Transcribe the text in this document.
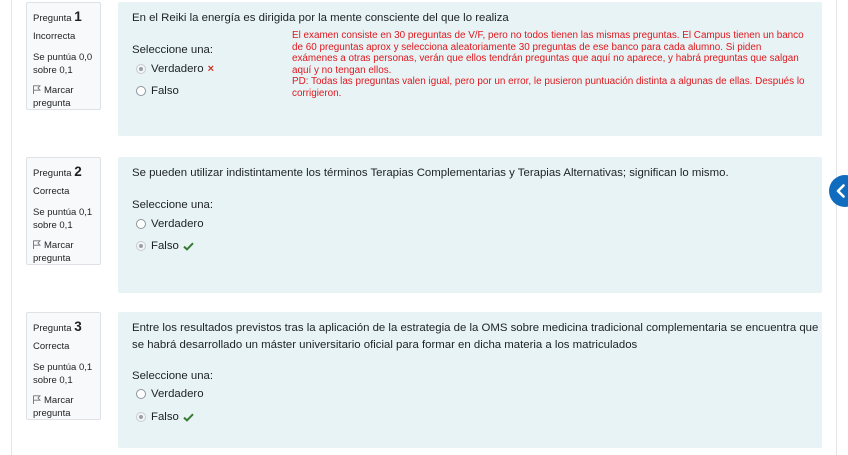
Pregunta 1
Incorrecta
Se puntúa 0,0
sobre 0,1
Marcar
pregunta
En el Reiki la energía es dirigida por la mente consciente del que lo realiza
Seleccione una:
Verdadero ×
Falso

El examen consiste en 30 preguntas de V/F, pero no todos tienen las mismas preguntas. El Campus tienen un banco

de 60 preguntas aprox y selecciona aleatoriamente 30 preguntas de ese banco para cada alumno. Si piden

exámenes a otras personas, verán que ellos tendrán preguntas que aquí no aparece, y habrá preguntas que salgan

aquí y no tengan ellos.

PD: Todas las preguntas valen igual, pero por un error, le pusieron puntuación distinta a algunas de ellas. Después lo

corrigieron.

Pregunta 2
Correcta
Se puntúa 0,1
sobre 0,1
Marcar
pregunta
Se pueden utilizar indistintamente los términos Terapias Complementarias y Terapias Alternativas; significan lo mismo.
Seleccione una:
Verdadero
Falso
Pregunta 3
Correcta
Se puntúa 0,1
sobre 0,1
Marcar
pregunta
Entre los resultados previstos tras la aplicación de la estrategia de la OMS sobre medicina tradicional complementaria se encuentra que
se habrá desarrollado un máster universitario oficial para formar en dicha materia a los matriculados
Seleccione una:
Verdadero
Falso
